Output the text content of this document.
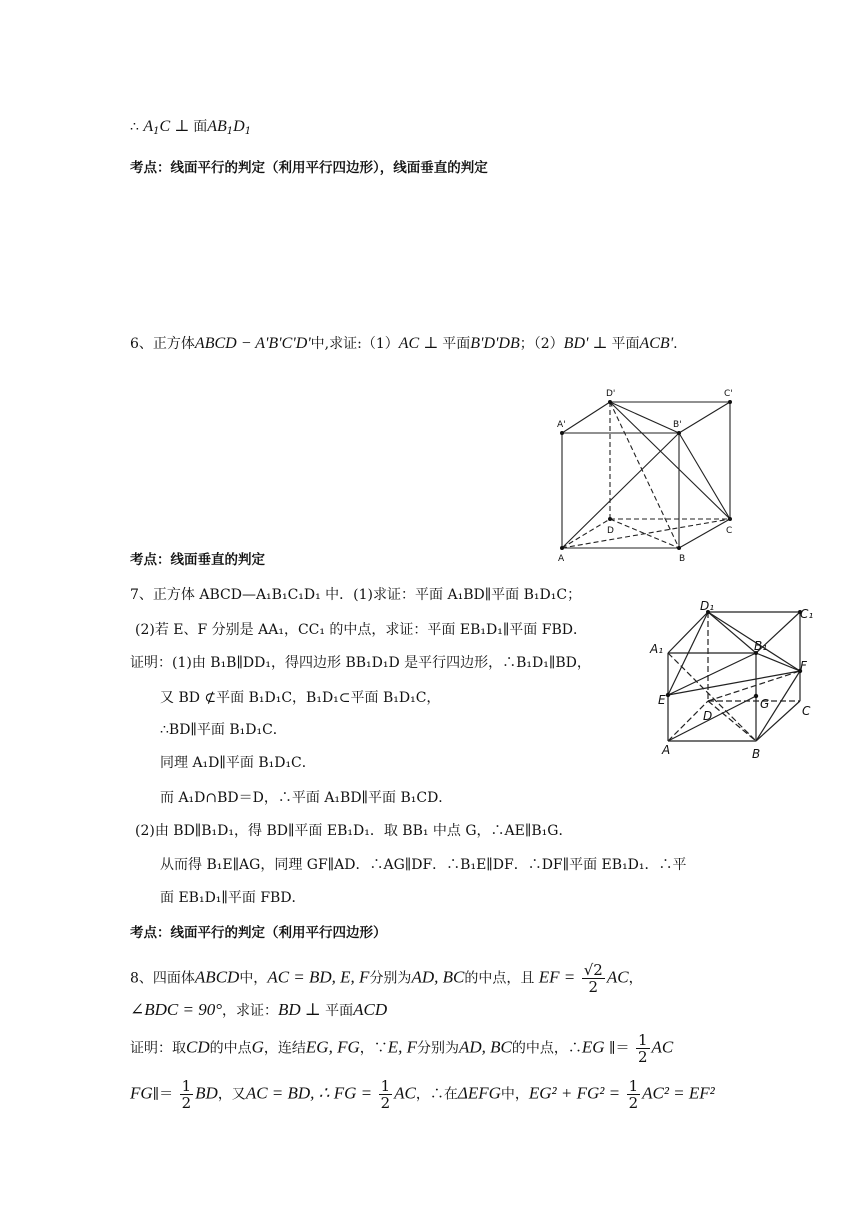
∴ $A_1C$ ⊥ 面$AB_1D_1$
考点：线面平行的判定（利用平行四边形），线面垂直的判定
6、正方体ABCD − A'B'C'D'中,求证:（1）AC ⊥ 平面B'D'DB；（2）BD' ⊥ 平面ACB'.
D'	C'
A'	B'
D	C
A	B
考点：线面垂直的判定
7、正方体 ABCD—A₁B₁C₁D₁ 中．(1)求证：平面 A₁BD∥平面 B₁D₁C；
(2)若 E、F 分别是 AA₁，CC₁ 的中点，求证：平面 EB₁D₁∥平面 FBD．
证明：(1)由 B₁B∥DD₁，得四边形 BB₁D₁D 是平行四边形，∴B₁D₁∥BD，
又 BD ⊄平面 B₁D₁C，B₁D₁⊂平面 B₁D₁C，
∴BD∥平面 B₁D₁C．
同理 A₁D∥平面 B₁D₁C．
而 A₁D∩BD＝D，∴平面 A₁BD∥平面 B₁CD．
(2)由 BD∥B₁D₁，得 BD∥平面 EB₁D₁．取 BB₁ 中点 G，∴AE∥B₁G．
从而得 B₁E∥AG，同理 GF∥AD．∴AG∥DF．∴B₁E∥DF．∴DF∥平面 EB₁D₁．∴平
面 EB₁D₁∥平面 FBD．
考点：线面平行的判定（利用平行四边形）
D₁
C₁
A₁	B₁
F
E	G
D	C
A	B
8、四面体ABCD中，AC = BD, E, F分别为AD, BC的中点，且 EF = $\frac{√2}{2}$ AC，
∠BDC = 90°，求证：BD ⊥ 平面ACD
证明：取CD的中点G，连结EG, FG，∵E, F分别为AD, BC的中点，∴EG ∥＝ $\frac{1}{2}$ AC
FG∥＝ $\frac{1}{2}$ BD，又AC = BD, ∴ FG = $\frac{1}{2}$ AC，∴在ΔEFG中，$EG^2 + FG^2 = \frac{1}{2} AC^2 = EF^2$
